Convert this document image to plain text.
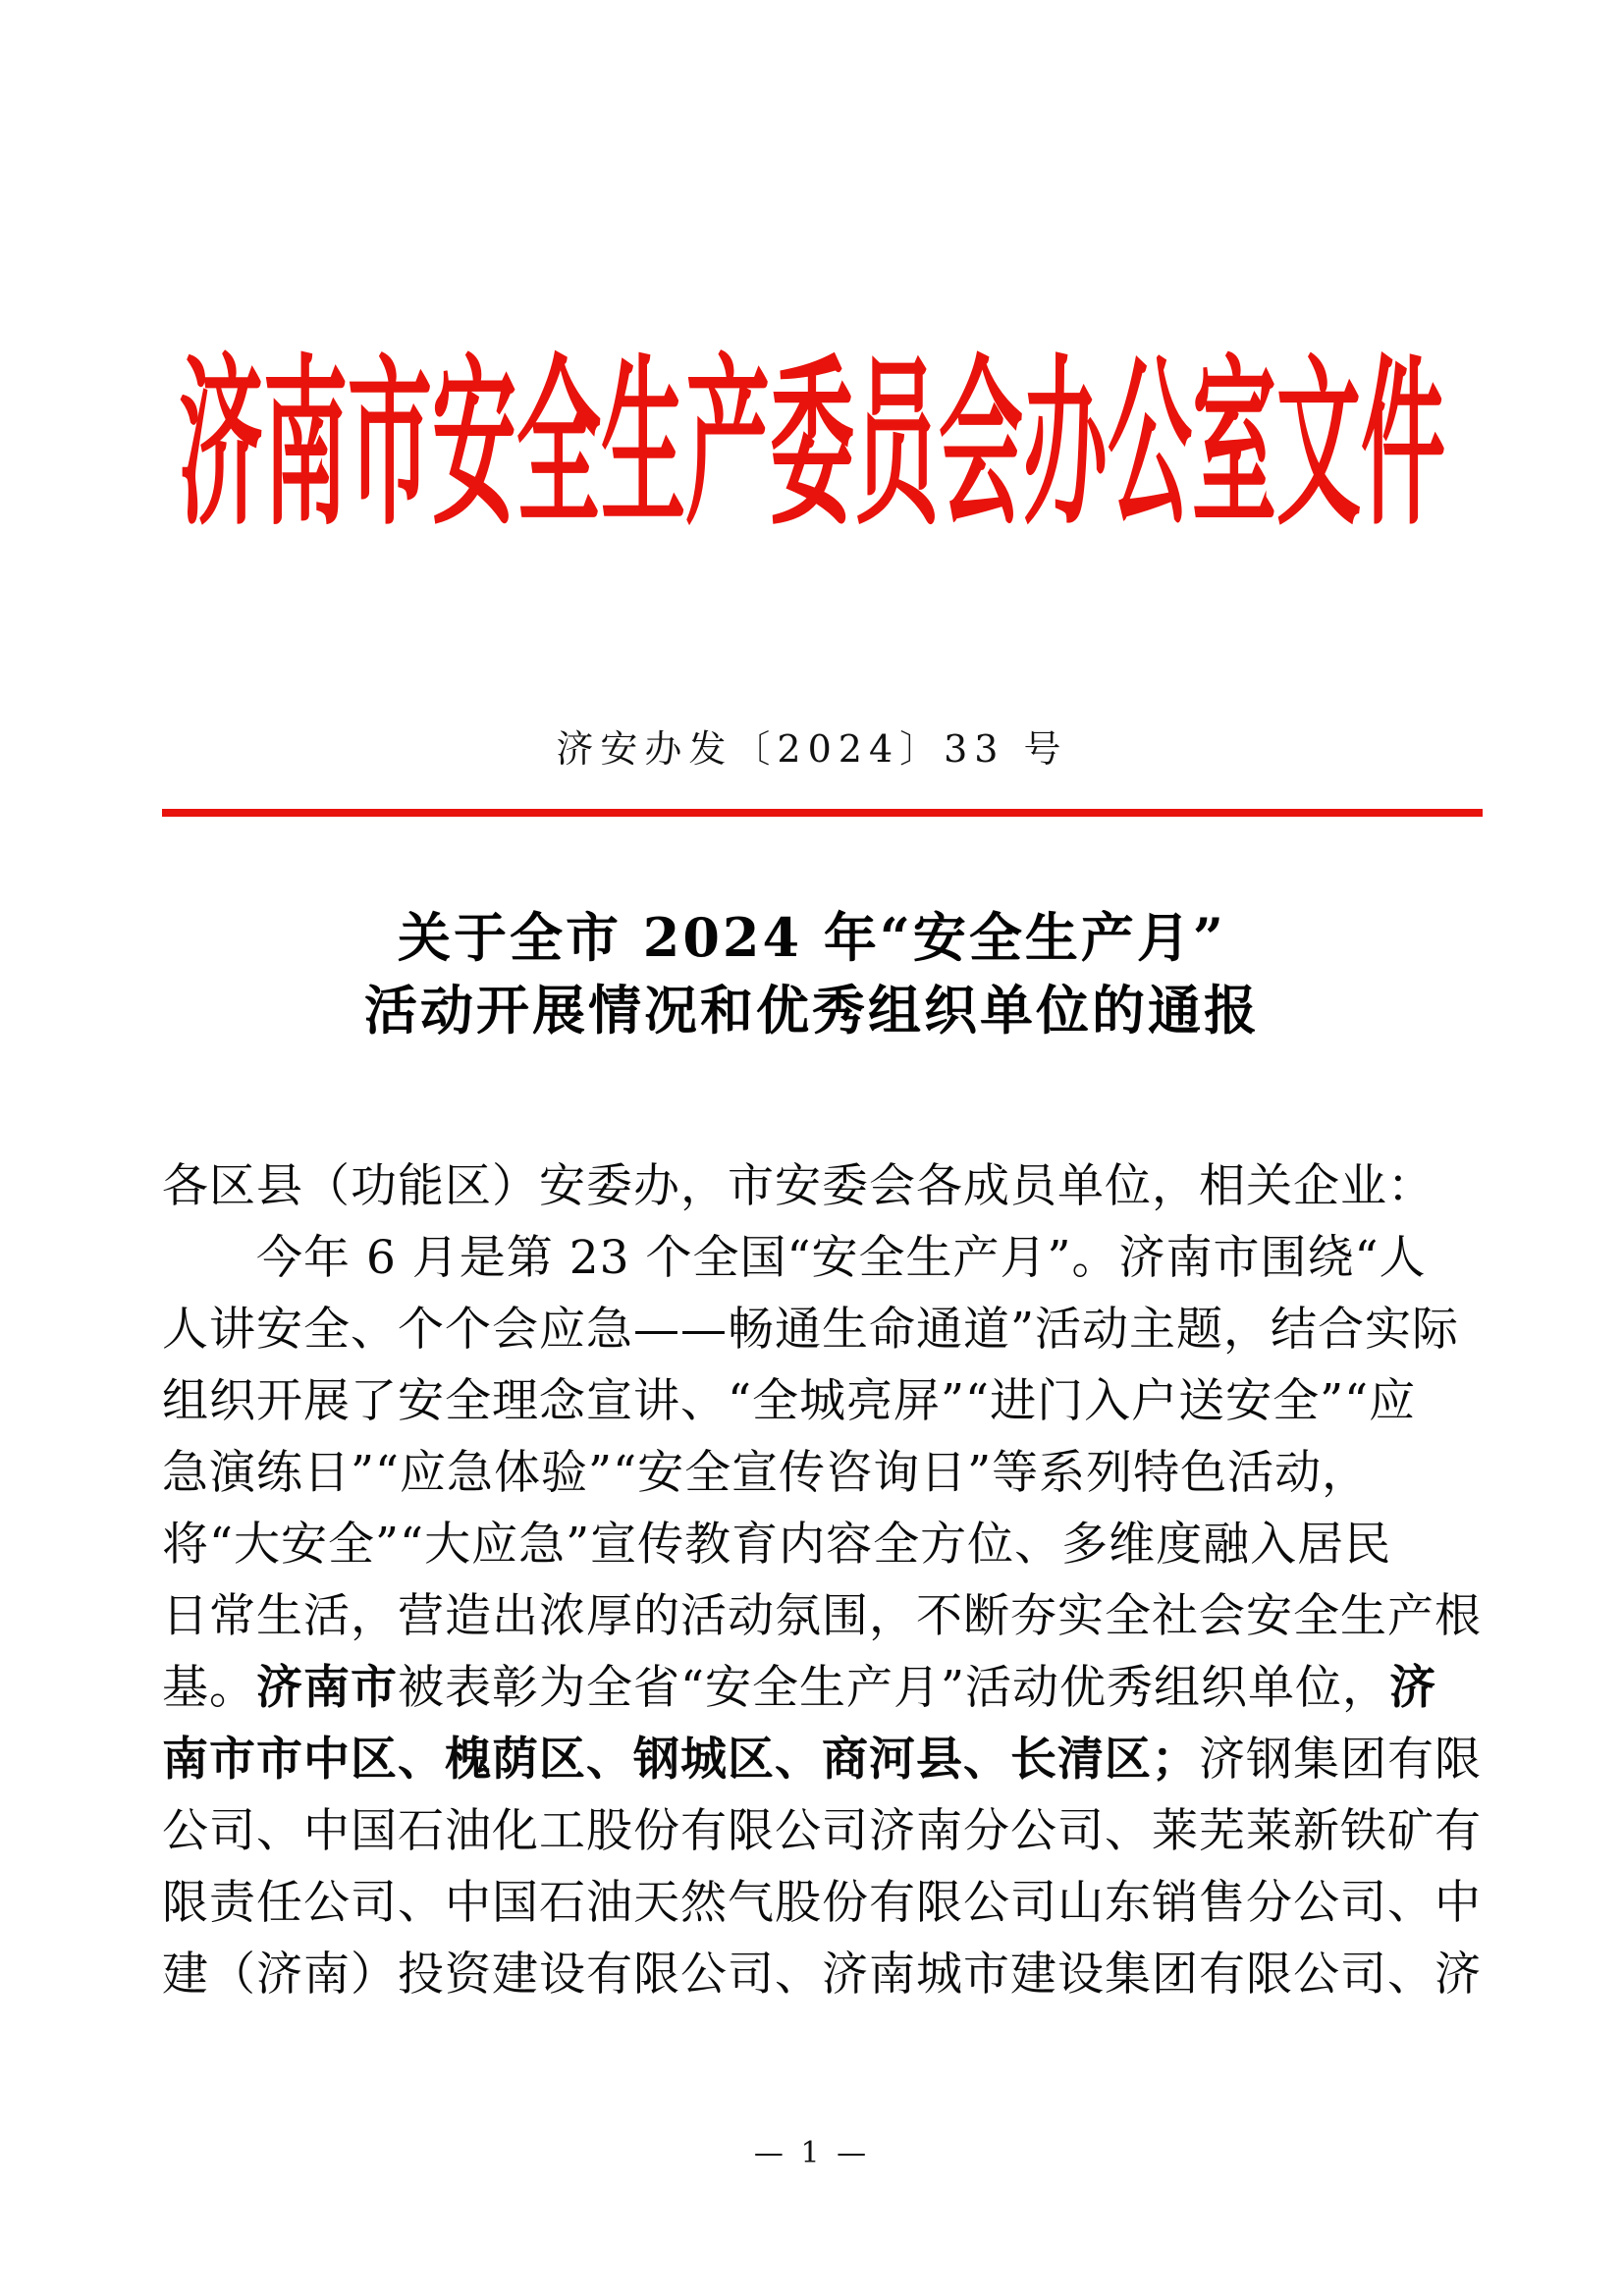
济南市安全生产委员会办公室文件
济安办发〔2024〕33 号
关于全市 2024 年“安全生产月”
活动开展情况和优秀组织单位的通报
各区县（功能区）安委办，市安委会各成员单位，相关企业：
今年 6 月是第 23 个全国“安全生产月”。济南市围绕“人
人讲安全、个个会应急——畅通生命通道”活动主题，结合实际
组织开展了安全理念宣讲、“全城亮屏”“进门入户送安全”“应
急演练日”“应急体验”“安全宣传咨询日”等系列特色活动，
将“大安全”“大应急”宣传教育内容全方位、多维度融入居民
日常生活，营造出浓厚的活动氛围，不断夯实全社会安全生产根
基。济南市被表彰为全省“安全生产月”活动优秀组织单位，济
南市市中区、槐荫区、钢城区、商河县、长清区；济钢集团有限
公司、中国石油化工股份有限公司济南分公司、莱芜莱新铁矿有
限责任公司、中国石油天然气股份有限公司山东销售分公司、中
建（济南）投资建设有限公司、济南城市建设集团有限公司、济
— 1 —
